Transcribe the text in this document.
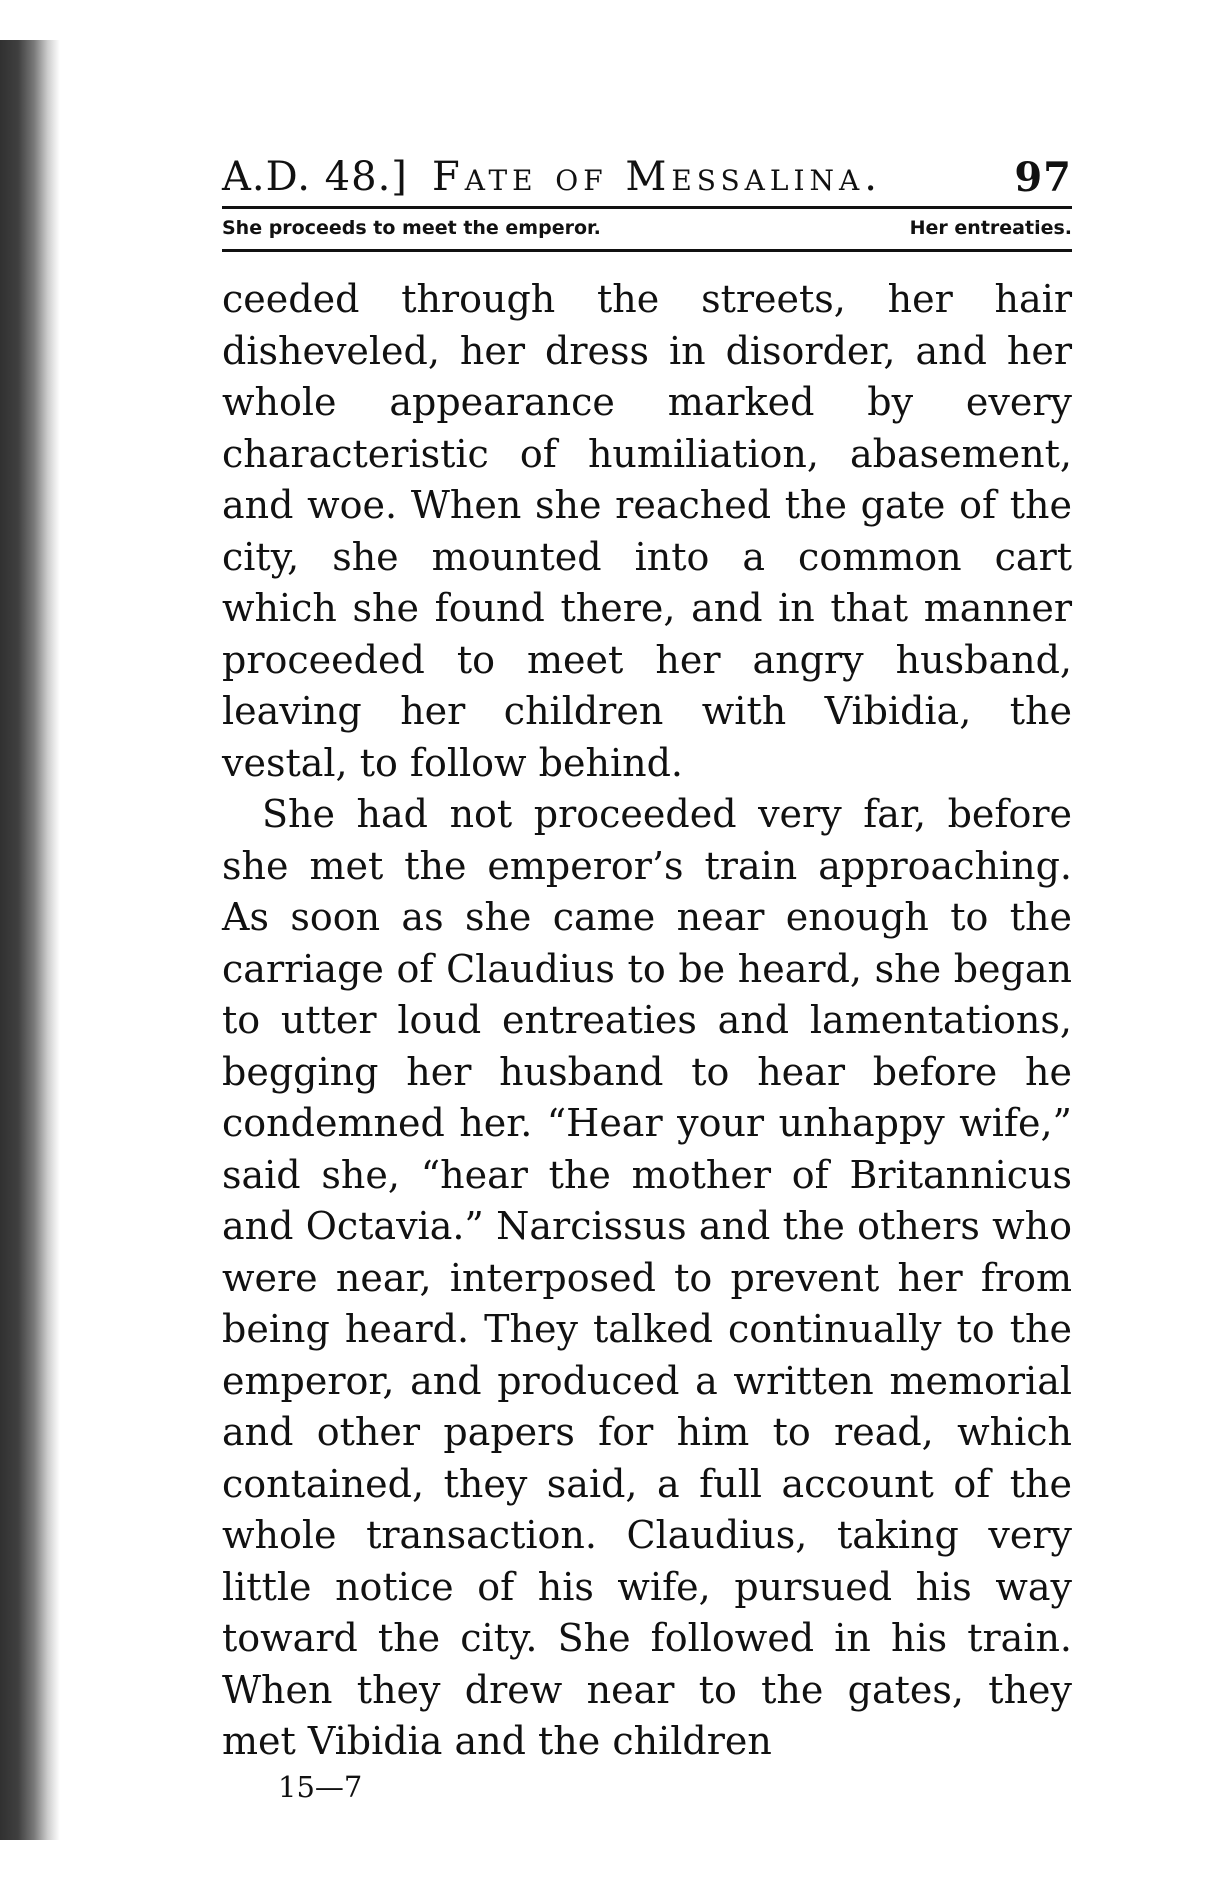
A.D. 48.] Fate of Messalina.	97
She proceeds to meet the emperor.	Her entreaties.

ceeded through the streets, her hair disheveled, her dress in disorder, and her whole appearance marked by every characteristic of humiliation, abasement, and woe. When she reached the gate of the city, she mounted into a common cart which she found there, and in that manner proceeded to meet her angry husband, leaving her children with Vibidia, the vestal, to follow behind.

She had not proceeded very far, before she met the emperor’s train approaching. As soon as she came near enough to the carriage of Claudius to be heard, she began to utter loud entreaties and lamentations, begging her husband to hear before he condemned her. “Hear your unhappy wife,” said she, “hear the mother of Britannicus and Octavia.” Narcissus and the others who were near, interposed to prevent her from being heard. They talked continually to the emperor, and produced a written memorial and other papers for him to read, which contained, they said, a full account of the whole transaction. Claudius, taking very little notice of his wife, pursued his way toward the city. She followed in his train. When they drew near to the gates, they met Vibidia and the children

15—7
